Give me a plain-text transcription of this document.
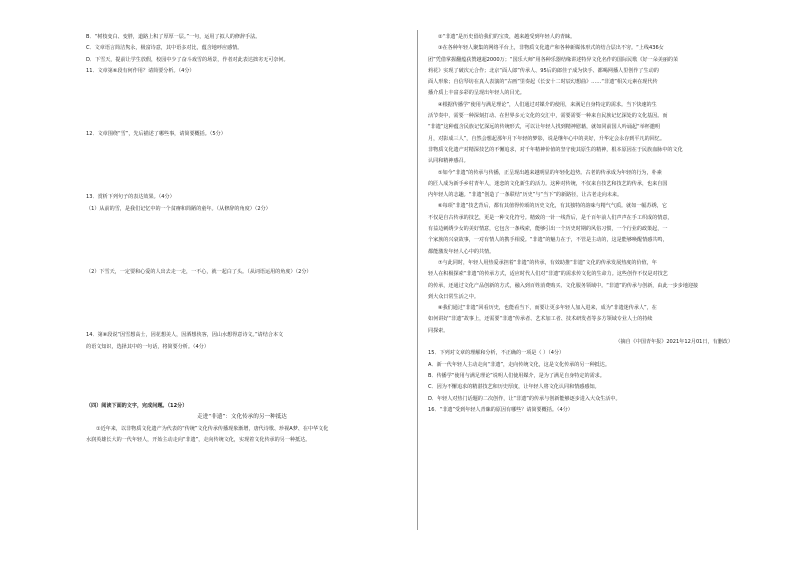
B．“树枝变白、变胖，道路上积了厚厚一层。”一句，运用了拟人的修辞手法。

C．文章语言简洁隽永，极富诗意，其中语多对比，蕴含地呼应感情。

D．下雪天，提前让学生放假，校园中少了奋斗戏雪的场景，作者对此表达拙劣无可奈何。

11．文章第⑥段有何作用？请简要分析。（4分）

12．文章围绕“雪”，先后描述了哪些事，请简要概括。（5分）

13．赏析下列句子的表达效果。（4分）

（1）从前的雪，是我们记忆中的一个贫瘠和简陋的童年。（从修辞的角度）（2分）

（2）下雪天，一定要和心爱的人出去走一走，一不心，就一起白了头。（从词语运用的角度）（2分）

14．第⑧段说“因雪想高士，因花想美人，因酒想侠客，因山水想得意诗文。”请结合本文

的语文知识，选择其中的一句话，将简要分析。（4分）

（四）阅读下面的文字，完成问题。（12分）

走进“非遗”：文化传承的另一种抵达

①近年来，以非物质文化遗产为代表的“传统”文化传承传播现象渐增，唐代诗歌、珍视A梦、在中华文化

水润英雄长大的一代年轻人，开始主动走向“非遗”，走向传统文化，实现着文化传承的另一种抵达。

②“非遗”是历史留给我们的宝贵，越来越受到年轻人的青睐。

③在各种年轻人聚集的网络平台上，非物质文化遗产和各种新媒体形式的结合层出不穷。“上线436女

团”凭借掌握翻蕴获赞越超2000万；“国乐大师”用各种乐器结缘讲述特异文化名作的国际民歌《好一朵美丽的茉

莉花》实现了破次元合作；北京“面人郎”传承人、95后的郎佳子成为快手、都喝网播人里创作了生动的

面人形象；自信琴坊在真人表演的“古画”里奏起《长安十二时辰幻想曲》……“非遗”相关元素在现代传

播介质上丰富多彩的呈现出年轻人的目光。

④根据传播学“使用与满足理论”，人们通过对媒介的使用，来满足自身特定的需求。当下快速的生

活节奏中，需要一种深刻打动、在世界多元文化的交汇中，需要需要一种来自民族记忆深处的文化基因。而

“非遗”这种蕴含民族记忆深远的传统形式，可以让年轻人找到精神慰藉，就如同前国人吟诵起“举杯邀明

月，对影成三人”，自然会想起那年月下年轻的梦影，说是继年心中的美好，升华定会永存到平凡的回忆。

非物质文化遗产对精深技艺的不懈追求，对千年精神价值的坚守使其原生的精神，根本原因在于民族血脉中的文化

认同和精神感召。

⑤如今“非遗”的传承与传播，正呈现出越来越明显的年轻化趋势。古老的传承成为年轻的行为，朴素

的匠人成为新手乡村青年人，迷恋的文化新生的活力。这种对传统，不仅来自技艺和技艺的传承，也来自国

内年轻人的志趣。“非遗”创造了一条联结“历史”与“当下”的新路径，让古老走向未来。

⑥每项“非遗”技艺背后，都有其值得传颂的历史文化，有其独特的韵味与精气气质。就如一幅苏绣，它

不仅是自古传承的技艺，更是一种文化符号。精致的一针一线背后，是千百年前人们声声在手工织成的情意，

有益边刺绣少女的美好情意，它包含一条线索，能够引出一个历史时期的风俗习惯，一个行业的政策起，一

个家族的兴衰故事，一对有情人的携手相爱。“非遗”的魅力在于，不管是主动的，这是能够唤醒情感共鸣，

都能激发年轻人心中的共情。

⑦与此同时，年轻人用热爱承担着“非遗”的传承，有效助推“非遗”文化的传承发展热度的价值，年

轻人在积极探索“非遗”的传承方式，适应时代人们对“非遗”的需求传文化的生命力。这些创作不仅是对技艺

的传承，还通过文化产品创新的方式，融入到百姓消费购买、文化服务领域中。“非遗”的传承与创新，由此一步步地迎接

到大众日常生活之中。

⑧我们通过“非遗”回看历史，也能看当下，而要让更多年轻人加入进来，成为“非遗迷传承人”，在

如何讲好“非遗”故事上，还需要“非遗”传承者、艺术加工者、技术研发者等多方领域专业人士的持续

同探索。

（摘自《中国青年报》2021年12月01日，有删改）

15．下列对文章的理解和分析，不正确的一项是（ ）（4分）

A．新一代年轻人主动走向“非遗”，走向传统文化，这是文化传承的另一种抵达。

B．传播学“使用与满足理论”说明人们使用媒介，是为了满足自身特定的需求。

C．因为不懈追求的精湛技艺和历史厚度，让年轻人将文化认同和情感感知。

D．年轻人对热门话题的二次创作，让“非遗”的传承与创新能够逐步进入大众生活中。

16．“非遗”受到年轻人青睐的原因有哪些？请简要概括。（4分）
